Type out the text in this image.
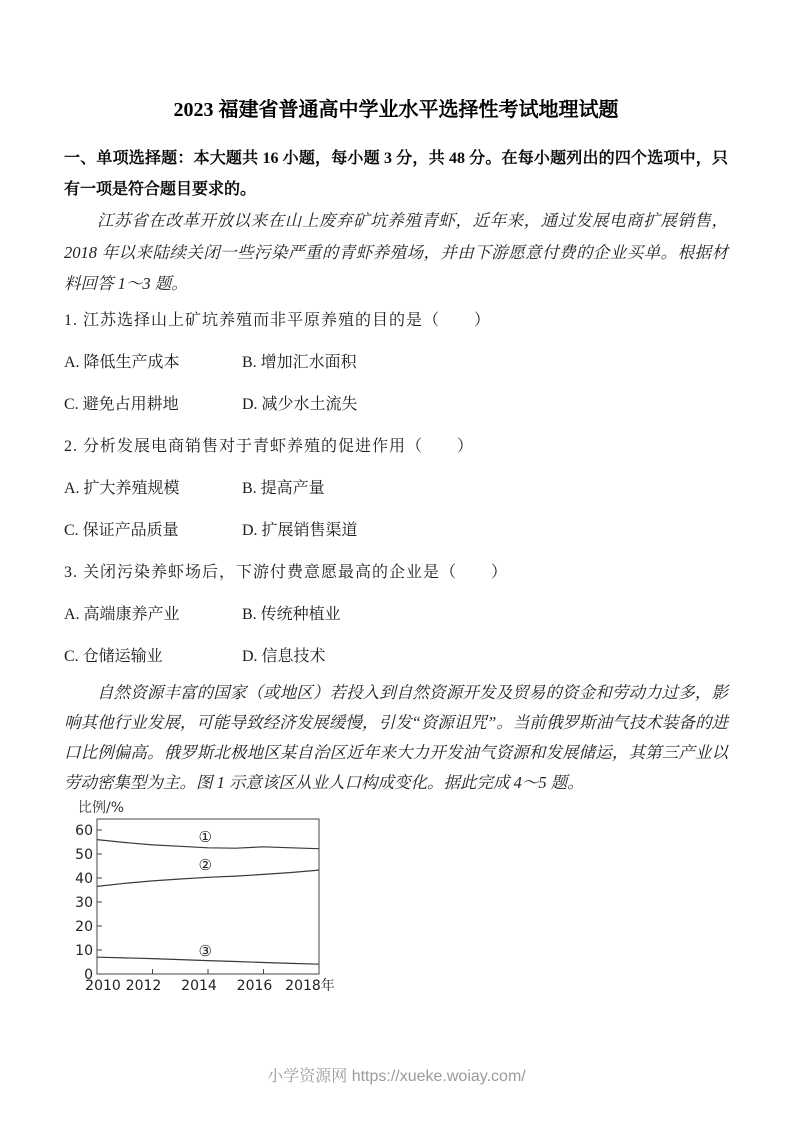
2023 福建省普通高中学业水平选择性考试地理试题

一、单项选择题：本大题共 16 小题，每小题 3 分，共 48 分。在每小题列出的四个选项中，只有一项是符合题目要求的。

江苏省在改革开放以来在山上废弃矿坑养殖青虾，近年来，通过发展电商扩展销售，2018 年以来陆续关闭一些污染严重的青虾养殖场，并由下游愿意付费的企业买单。根据材料回答 1～3 题。

1. 江苏选择山上矿坑养殖而非平原养殖的目的是（　　）

A. 降低生产成本	B. 增加汇水面积

C. 避免占用耕地	D. 减少水土流失

2. 分析发展电商销售对于青虾养殖的促进作用（　　）

A. 扩大养殖规模	B. 提高产量

C. 保证产品质量	D. 扩展销售渠道

3. 关闭污染养虾场后，下游付费意愿最高的企业是（　　）

A. 高端康养产业	B. 传统种植业

C. 仓储运输业	D. 信息技术

自然资源丰富的国家（或地区）若投入到自然资源开发及贸易的资金和劳动力过多，影响其他行业发展，可能导致经济发展缓慢，引发“资源诅咒”。当前俄罗斯油气技术装备的进口比例偏高。俄罗斯北极地区某自治区近年来大力开发油气资源和发展储运，其第三产业以劳动密集型为主。图 1 示意该区从业人口构成变化。据此完成 4～5 题。

比例/%
0
10
20
30
40
50
60
2010 2012 2014 2016 2018年
①
②
③
小学资源网 https://xueke.woiay.com/
